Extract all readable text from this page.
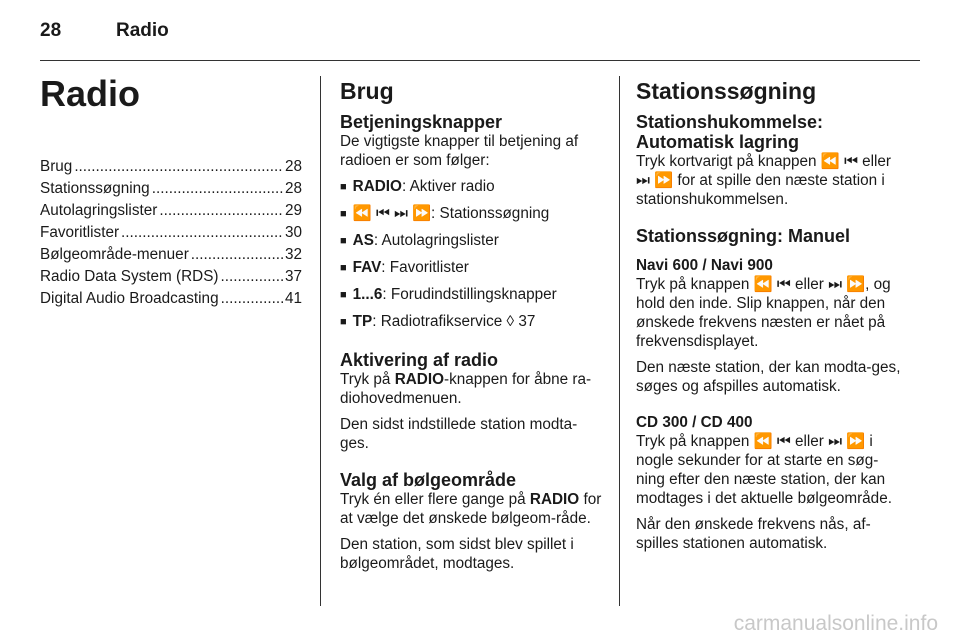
28	Radio
Radio
Brug .....	28
Stationssøgning .....	28
Autolagringslister .....	29
Favoritlister .....	30
Bølgeområde-menuer .....	32
Radio Data System (RDS) .....	37
Digital Audio Broadcasting .....	41
Brug
Betjeningsknapper

De vigtigste knapper til betjening af radioen er som følger:

■ RADIO: Aktiver radio
■ ⏪ ⏮ ⏭ ⏩: Stationssøgning
■ AS: Autolagringslister
■ FAV: Favoritlister
■ 1...6: Forudindstillingsknapper
■ TP: Radiotrafikservice ◊ 37
Aktivering af radio

Tryk på RADIO-knappen for åbne ra-diohovedmenuen.

Den sidst indstillede station modta-ges.

Valg af bølgeområde

Tryk én eller flere gange på RADIO for at vælge det ønskede bølgeom-råde.

Den station, som sidst blev spillet i bølgeområdet, modtages.

Stationssøgning
Stationshukommelse: Automatisk lagring

Tryk kortvarigt på knappen ⏪ ⏮ eller ⏭ ⏩ for at spille den næste station i stationshukommelsen.

Stationssøgning: Manuel
Navi 600 / Navi 900

Tryk på knappen ⏪ ⏮ eller ⏭ ⏩, og hold den inde. Slip knappen, når den ønskede frekvens næsten er nået på frekvensdisplayet.

Den næste station, der kan modta-ges, søges og afspilles automatisk.

CD 300 / CD 400

Tryk på knappen ⏪ ⏮ eller ⏭ ⏩ i nogle sekunder for at starte en søg-ning efter den næste station, der kan modtages i det aktuelle bølgeområde.

Når den ønskede frekvens nås, af-spilles stationen automatisk.

carmanualsonline.info
